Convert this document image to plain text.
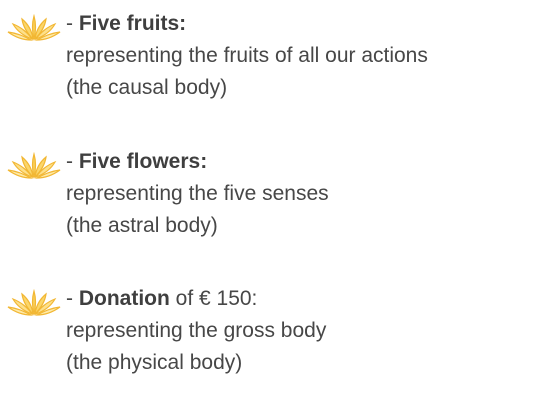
- Five fruits:
representing the fruits of all our actions
(the causal body)
- Five flowers:
representing the five senses
(the astral body)
- Donation of € 150:
representing the gross body
(the physical body)
